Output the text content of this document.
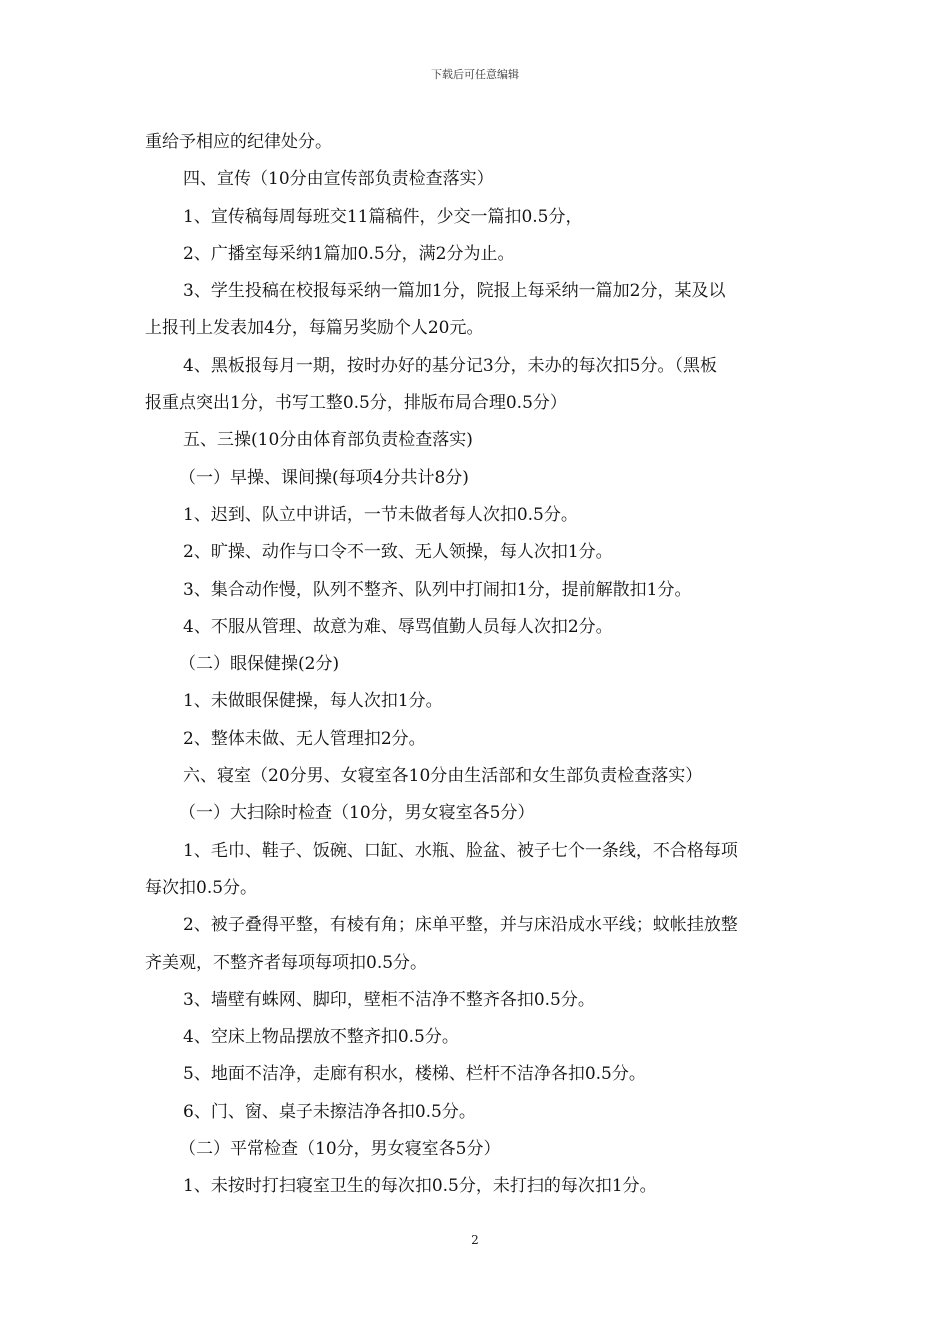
下载后可任意编辑
重给予相应的纪律处分。
四、宣传（10分由宣传部负责检查落实）
1、宣传稿每周每班交11篇稿件，少交一篇扣0.5分，
2、广播室每采纳1篇加0.5分，满2分为止。
3、学生投稿在校报每采纳一篇加1分，院报上每采纳一篇加2分，某及以
上报刊上发表加4分，每篇另奖励个人20元。
4、黑板报每月一期，按时办好的基分记3分，未办的每次扣5分。（黑板
报重点突出1分，书写工整0.5分，排版布局合理0.5分）
五、三操(10分由体育部负责检查落实)
（一）早操、课间操(每项4分共计8分)
1、迟到、队立中讲话，一节未做者每人次扣0.5分。
2、旷操、动作与口令不一致、无人领操，每人次扣1分。
3、集合动作慢，队列不整齐、队列中打闹扣1分，提前解散扣1分。
4、不服从管理、故意为难、辱骂值勤人员每人次扣2分。
（二）眼保健操(2分)
1、未做眼保健操，每人次扣1分。
2、整体未做、无人管理扣2分。
六、寝室（20分男、女寝室各10分由生活部和女生部负责检查落实）
（一）大扫除时检查（10分，男女寝室各5分）
1、毛巾、鞋子、饭碗、口缸、水瓶、脸盆、被子七个一条线，不合格每项
每次扣0.5分。
2、被子叠得平整，有棱有角；床单平整，并与床沿成水平线；蚊帐挂放整
齐美观，不整齐者每项每项扣0.5分。
3、墙壁有蛛网、脚印，壁柜不洁净不整齐各扣0.5分。
4、空床上物品摆放不整齐扣0.5分。
5、地面不洁净，走廊有积水，楼梯、栏杆不洁净各扣0.5分。
6、门、窗、桌子未擦洁净各扣0.5分。
（二）平常检查（10分，男女寝室各5分）
1、未按时打扫寝室卫生的每次扣0.5分，未打扫的每次扣1分。
2
